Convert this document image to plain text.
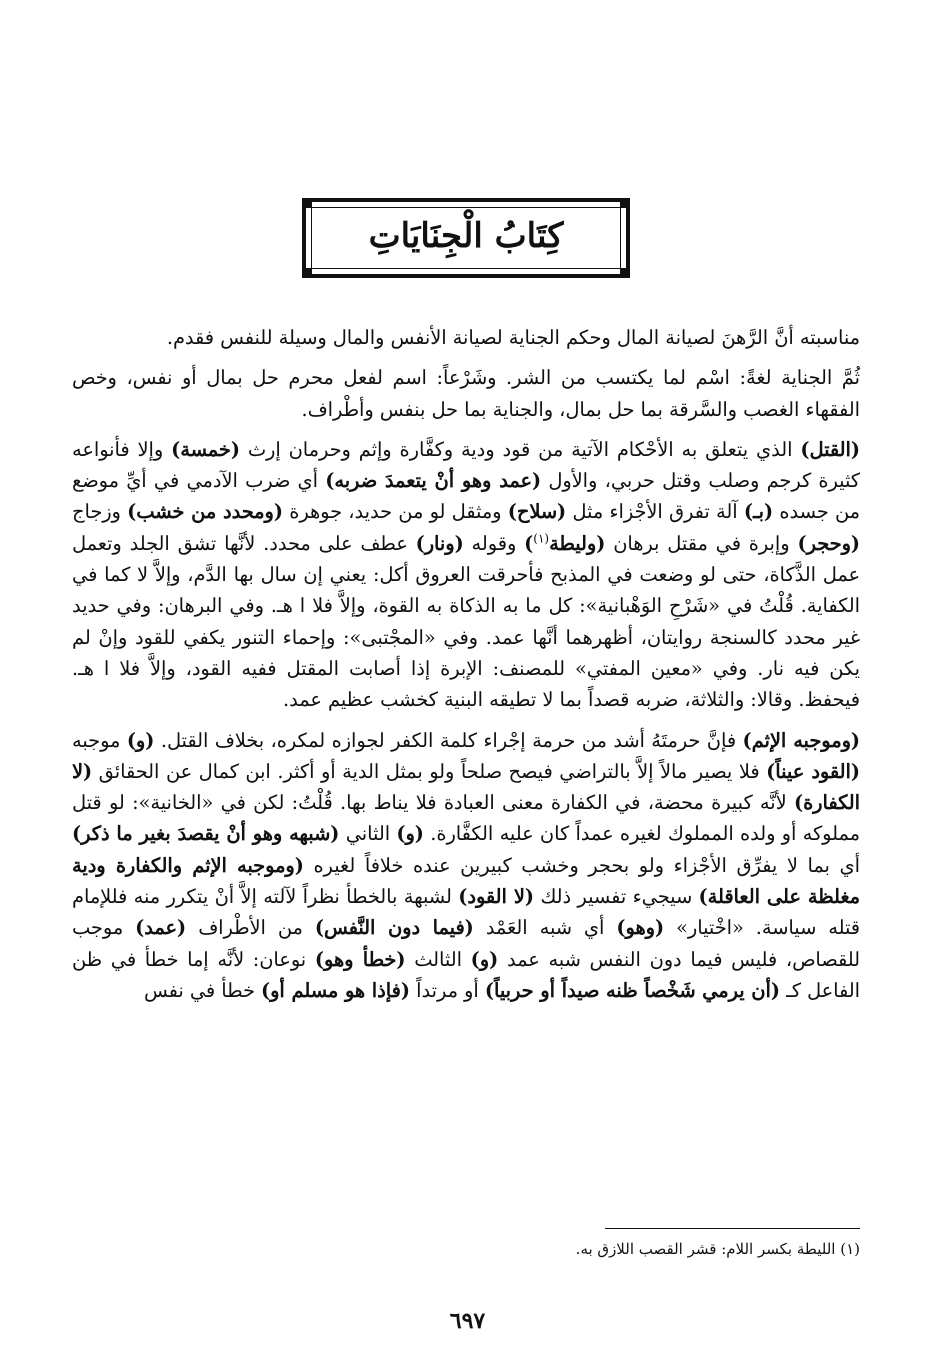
كِتَابُ الْجِنَايَاتِ

مناسبته أنَّ الرَّهنَ لصيانة المال وحكم الجناية لصيانة الأنفس والمال وسيلة للنفس فقدم.

ثُمَّ الجناية لغةً: اسْم لما يكتسب من الشر. وشَرْعاً: اسم لفعل محرم حل بمال أو نفس، وخص الفقهاء الغصب والسَّرقة بما حل بمال، والجناية بما حل بنفس وأطْراف.

(القتل) الذي يتعلق به الأحْكام الآتية من قود ودية وكفَّارة وإثم وحرمان إرث (خمسة) وإلا فأنواعه كثيرة كرجم وصلب وقتل حربي، والأول (عمد وهو أنْ يتعمدَ ضربه) أي ضرب الآدمي في أيِّ موضع من جسده (بـ) آلة تفرق الأجْزاء مثل (سلاح) ومثقل لو من حديد، جوهرة (ومحدد من خشب) وزجاج (وحجر) وإبرة في مقتل برهان (وليطة$^{(١)}$) وقوله (ونار) عطف على محدد. لأنَّها تشق الجلد وتعمل عمل الذَّكاة، حتى لو وضعت في المذبح فأحرقت العروق أكل: يعني إن سال بها الدَّم، وإلاَّ لا كما في الكفاية. قُلْتُ في «شَرْحِ الوَهْبانية»: كل ما به الذكاة به القوة، وإلاَّ فلا ا هـ. وفي البرهان: وفي حديد غير محدد كالسنجة روايتان، أظهرهما أنَّها عمد. وفي «المجْتبى»: وإحماء التنور يكفي للقود وإنْ لم يكن فيه نار. وفي «معين المفتي» للمصنف: الإبرة إذا أصابت المقتل ففيه القود، وإلاَّ فلا ا هـ. فيحفظ. وقالا: والثلاثة، ضربه قصداً بما لا تطيقه البنية كخشب عظيم عمد.

(وموجبه الإثم) فإنَّ حرمتَهُ أشد من حرمة إجْراء كلمة الكفر لجوازه لمكره، بخلاف القتل. (و) موجبه (القود عيناً) فلا يصير مالاً إلاَّ بالتراضي فيصح صلحاً ولو بمثل الدية أو أكثر. ابن كمال عن الحقائق (لا الكفارة) لأنَّه كبيرة محضة، في الكفارة معنى العبادة فلا يناط بها. قُلْتُ: لكن في «الخانية»: لو قتل مملوكه أو ولده المملوك لغيره عمداً كان عليه الكفَّارة. (و) الثاني (شبهه وهو أنْ يقصدَ بغير ما ذكر) أي بما لا يفرِّق الأجْزاء ولو بحجر وخشب كبيرين عنده خلافاً لغيره (وموجبه الإثم والكفارة ودية مغلظة على العاقلة) سيجيء تفسير ذلك (لا القود) لشبهة بالخطأ نظراً لآلته إلاَّ أنْ يتكرر منه فللإمام قتله سياسة. «اخْتيار» (وهو) أي شبه العَمْد (فيما دون النَّفس) من الأطْراف (عمد) موجب للقصاص، فليس فيما دون النفس شبه عمد (و) الثالث (خطأ وهو) نوعان: لأنَّه إما خطأ في ظن الفاعل كـ (أن يرمي شَخْصاً ظنه صيداً أو حربياً) أو مرتداً (فإذا هو مسلم أو) خطأ في نفس

(١) الليطة بكسر اللام: قشر القصب اللازق به.
٦٩٧
